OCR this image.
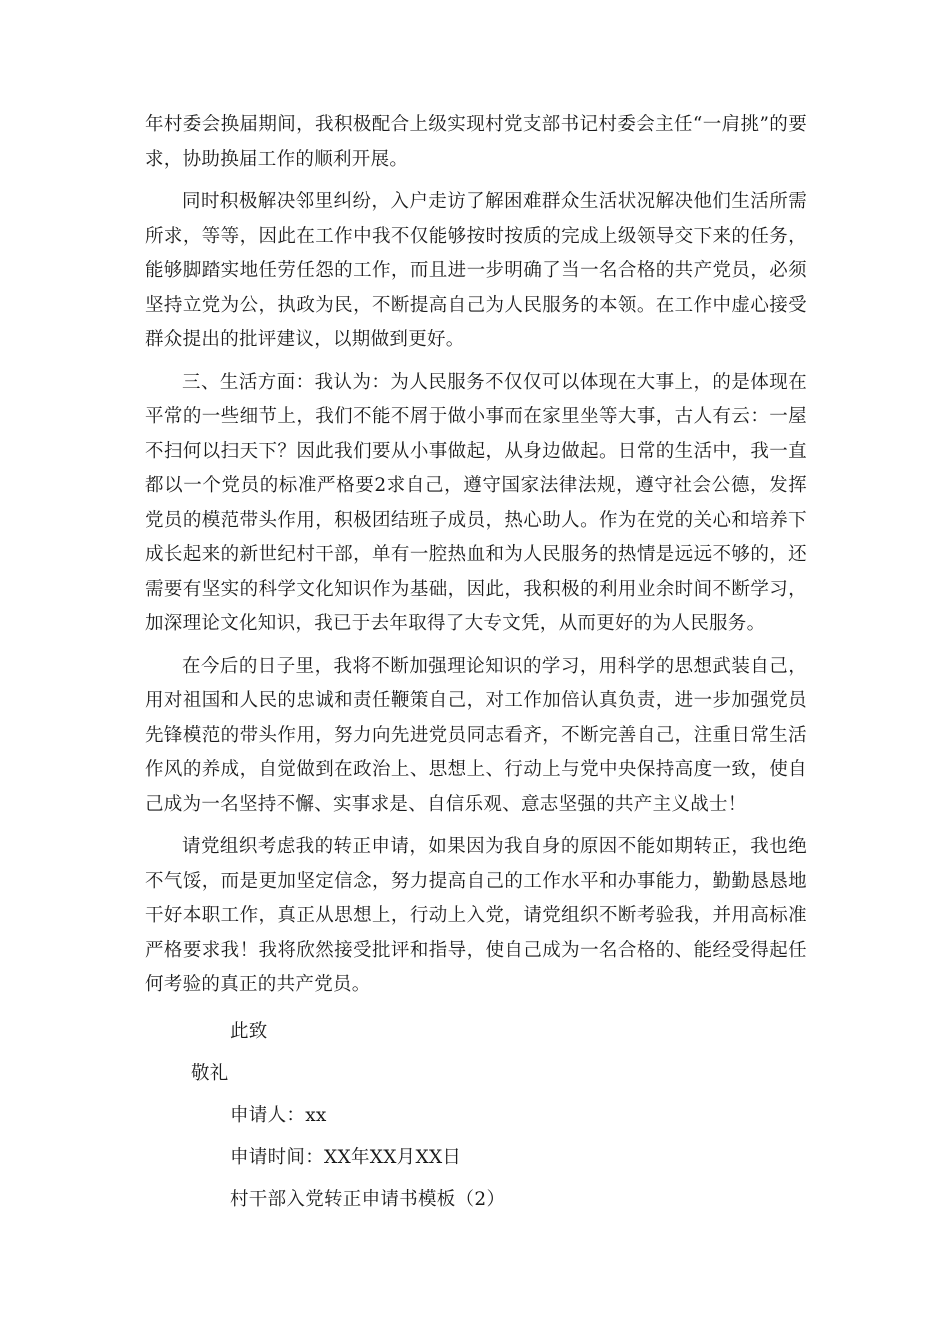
年村委会换届期间，我积极配合上级实现村党支部书记村委会主任“一肩挑”的要求，协助换届工作的顺利开展。

同时积极解决邻里纠纷，入户走访了解困难群众生活状况解决他们生活所需所求，等等，因此在工作中我不仅能够按时按质的完成上级领导交下来的任务，能够脚踏实地任劳任怨的工作，而且进一步明确了当一名合格的共产党员，必须坚持立党为公，执政为民，不断提高自己为人民服务的本领。在工作中虚心接受群众提出的批评建议，以期做到更好。

三、生活方面：我认为：为人民服务不仅仅可以体现在大事上，的是体现在平常的一些细节上，我们不能不屑于做小事而在家里坐等大事，古人有云：一屋不扫何以扫天下？因此我们要从小事做起，从身边做起。日常的生活中，我一直都以一个党员的标准严格要2求自己，遵守国家法律法规，遵守社会公德，发挥党员的模范带头作用，积极团结班子成员，热心助人。作为在党的关心和培养下成长起来的新世纪村干部，单有一腔热血和为人民服务的热情是远远不够的，还需要有坚实的科学文化知识作为基础，因此，我积极的利用业余时间不断学习，加深理论文化知识，我已于去年取得了大专文凭，从而更好的为人民服务。

在今后的日子里，我将不断加强理论知识的学习，用科学的思想武装自己，用对祖国和人民的忠诚和责任鞭策自己，对工作加倍认真负责，进一步加强党员先锋模范的带头作用，努力向先进党员同志看齐，不断完善自己，注重日常生活作风的养成，自觉做到在政治上、思想上、行动上与党中央保持高度一致，使自己成为一名坚持不懈、实事求是、自信乐观、意志坚强的共产主义战士！

请党组织考虑我的转正申请，如果因为我自身的原因不能如期转正，我也绝不气馁，而是更加坚定信念，努力提高自己的工作水平和办事能力，勤勤恳恳地干好本职工作，真正从思想上，行动上入党，请党组织不断考验我，并用高标准严格要求我！我将欣然接受批评和指导，使自己成为一名合格的、能经受得起任何考验的真正的共产党员。

此致
敬礼
申请人：xx
申请时间：XX年XX月XX日
村干部入党转正申请书模板（2）
